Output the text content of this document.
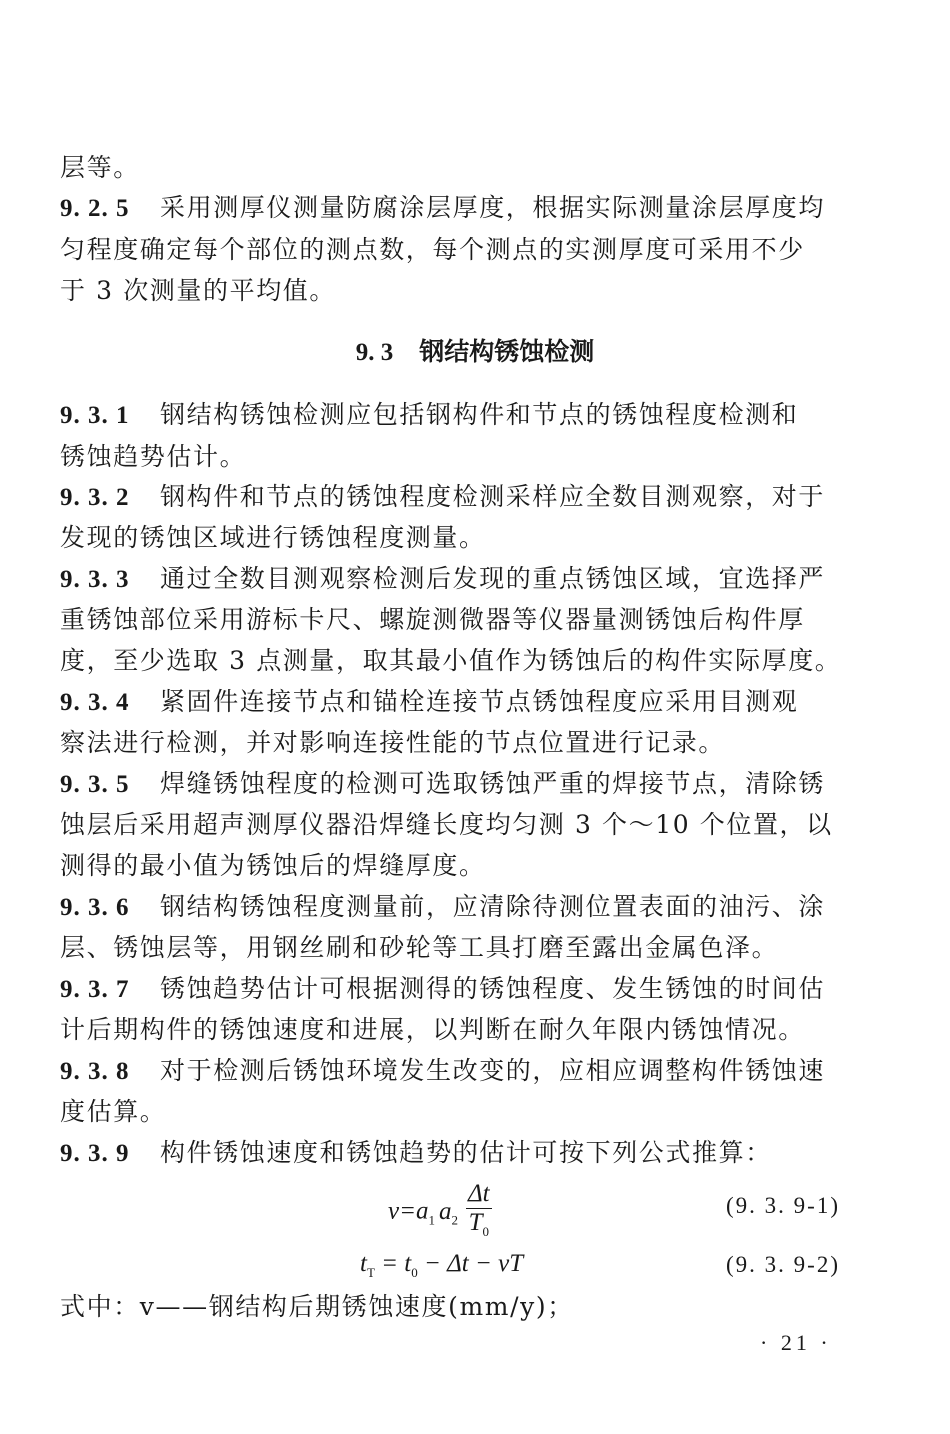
层等。
9. 2. 5 采用测厚仪测量防腐涂层厚度，根据实际测量涂层厚度均
匀程度确定每个部位的测点数，每个测点的实测厚度可采用不少
于 3 次测量的平均值。
9. 3 钢结构锈蚀检测
9. 3. 1 钢结构锈蚀检测应包括钢构件和节点的锈蚀程度检测和
锈蚀趋势估计。
9. 3. 2 钢构件和节点的锈蚀程度检测采样应全数目测观察，对于
发现的锈蚀区域进行锈蚀程度测量。
9. 3. 3 通过全数目测观察检测后发现的重点锈蚀区域，宜选择严
重锈蚀部位采用游标卡尺、螺旋测微器等仪器量测锈蚀后构件厚
度，至少选取 3 点测量，取其最小值作为锈蚀后的构件实际厚度。
9. 3. 4 紧固件连接节点和锚栓连接节点锈蚀程度应采用目测观
察法进行检测，并对影响连接性能的节点位置进行记录。
9. 3. 5 焊缝锈蚀程度的检测可选取锈蚀严重的焊接节点，清除锈
蚀层后采用超声测厚仪器沿焊缝长度均匀测 3 个～10 个位置，以
测得的最小值为锈蚀后的焊缝厚度。
9. 3. 6 钢结构锈蚀程度测量前，应清除待测位置表面的油污、涂
层、锈蚀层等，用钢丝刷和砂轮等工具打磨至露出金属色泽。
9. 3. 7 锈蚀趋势估计可根据测得的锈蚀程度、发生锈蚀的时间估
计后期构件的锈蚀速度和进展，以判断在耐久年限内锈蚀情况。
9. 3. 8 对于检测后锈蚀环境发生改变的，应相应调整构件锈蚀速
度估算。
9. 3. 9 构件锈蚀速度和锈蚀趋势的估计可按下列公式推算：
$v=a_1$ $a_2 \frac{\Delta t}{T_0}$	(9. 3. 9-1)
$t_T = t_0 - \Delta t$ − vT	(9. 3. 9-2)
式中：v——钢结构后期锈蚀速度(mm/y)；
· 21 ·
